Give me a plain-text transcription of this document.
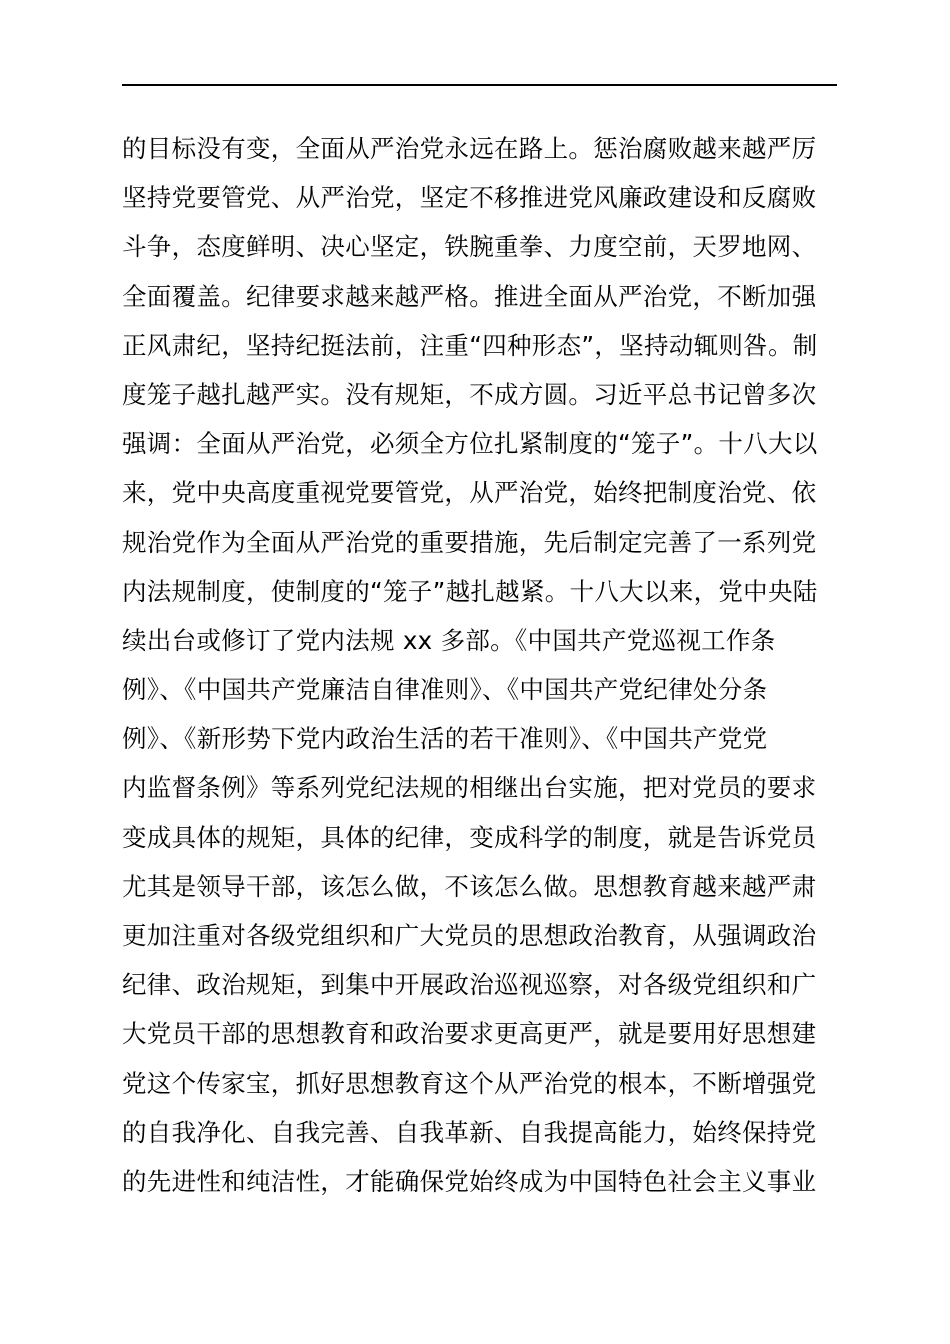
的目标没有变，全面从严治党永远在路上。惩治腐败越来越严厉
坚持党要管党、从严治党，坚定不移推进党风廉政建设和反腐败
斗争，态度鲜明、决心坚定，铁腕重拳、力度空前，天罗地网、
全面覆盖。纪律要求越来越严格。推进全面从严治党，不断加强
正风肃纪，坚持纪挺法前，注重“四种形态”，坚持动辄则咎。制
度笼子越扎越严实。没有规矩，不成方圆。习近平总书记曾多次
强调：全面从严治党，必须全方位扎紧制度的“笼子”。十八大以
来，党中央高度重视党要管党，从严治党，始终把制度治党、依
规治党作为全面从严治党的重要措施，先后制定完善了一系列党
内法规制度，使制度的“笼子”越扎越紧。十八大以来，党中央陆
续出台或修订了党内法规 xx 多部。《中国共产党巡视工作条
例》、《中国共产党廉洁自律准则》、《中国共产党纪律处分条
例》、《新形势下党内政治生活的若干准则》、《中国共产党党
内监督条例》等系列党纪法规的相继出台实施，把对党员的要求
变成具体的规矩，具体的纪律，变成科学的制度，就是告诉党员
尤其是领导干部，该怎么做，不该怎么做。思想教育越来越严肃
更加注重对各级党组织和广大党员的思想政治教育，从强调政治
纪律、政治规矩，到集中开展政治巡视巡察，对各级党组织和广
大党员干部的思想教育和政治要求更高更严，就是要用好思想建
党这个传家宝，抓好思想教育这个从严治党的根本，不断增强党
的自我净化、自我完善、自我革新、自我提高能力，始终保持党
的先进性和纯洁性，才能确保党始终成为中国特色社会主义事业
